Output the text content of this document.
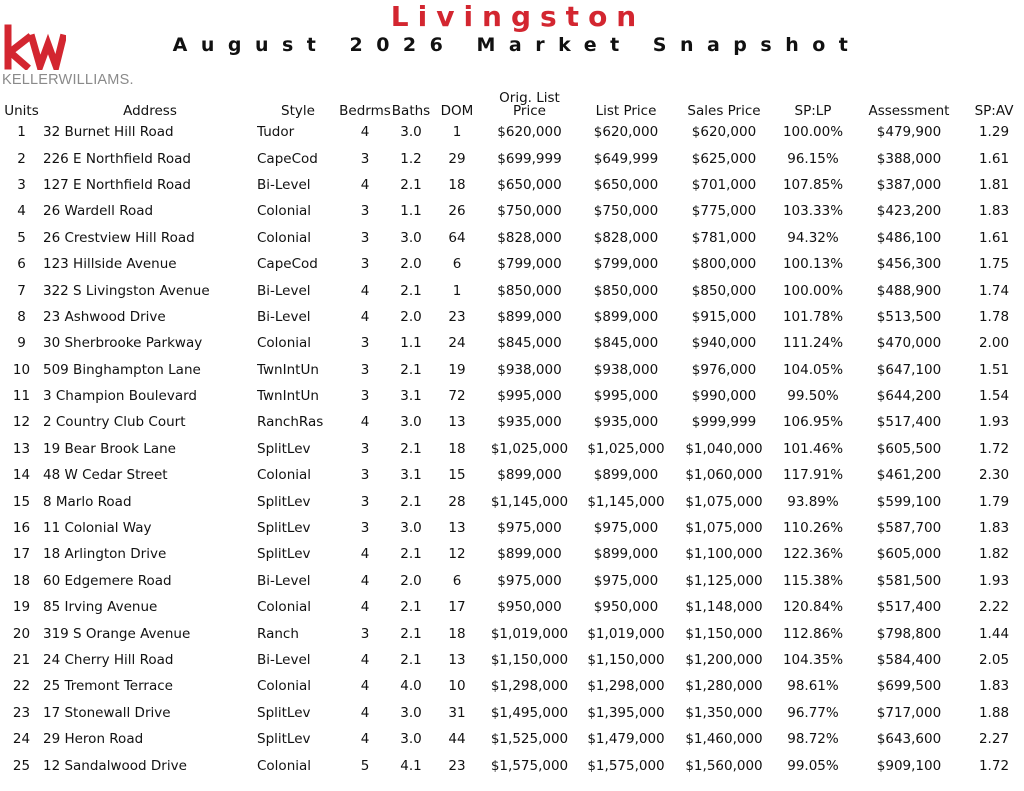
KELLERWILLIAMS.
Livingston
August 2026 Market Snapshot
Units	Address	Style	Bedrms	Baths	DOM	Orig. List Price	List Price	Sales Price	SP:LP	Assessment	SP:AV
1	32 Burnet Hill Road	Tudor	4	3.0	1	$620,000	$620,000	$620,000	100.00%	$479,900	1.29
2	226 E Northfield Road	CapeCod	3	1.2	29	$699,999	$649,999	$625,000	96.15%	$388,000	1.61
3	127 E Northfield Road	Bi-Level	4	2.1	18	$650,000	$650,000	$701,000	107.85%	$387,000	1.81
4	26 Wardell Road	Colonial	3	1.1	26	$750,000	$750,000	$775,000	103.33%	$423,200	1.83
5	26 Crestview Hill Road	Colonial	3	3.0	64	$828,000	$828,000	$781,000	94.32%	$486,100	1.61
6	123 Hillside Avenue	CapeCod	3	2.0	6	$799,000	$799,000	$800,000	100.13%	$456,300	1.75
7	322 S Livingston Avenue	Bi-Level	4	2.1	1	$850,000	$850,000	$850,000	100.00%	$488,900	1.74
8	23 Ashwood Drive	Bi-Level	4	2.0	23	$899,000	$899,000	$915,000	101.78%	$513,500	1.78
9	30 Sherbrooke Parkway	Colonial	3	1.1	24	$845,000	$845,000	$940,000	111.24%	$470,000	2.00
10	509 Binghampton Lane	TwnIntUn	3	2.1	19	$938,000	$938,000	$976,000	104.05%	$647,100	1.51
11	3 Champion Boulevard	TwnIntUn	3	3.1	72	$995,000	$995,000	$990,000	99.50%	$644,200	1.54
12	2 Country Club Court	RanchRas	4	3.0	13	$935,000	$935,000	$999,999	106.95%	$517,400	1.93
13	19 Bear Brook Lane	SplitLev	3	2.1	18	$1,025,000	$1,025,000	$1,040,000	101.46%	$605,500	1.72
14	48 W Cedar Street	Colonial	3	3.1	15	$899,000	$899,000	$1,060,000	117.91%	$461,200	2.30
15	8 Marlo Road	SplitLev	3	2.1	28	$1,145,000	$1,145,000	$1,075,000	93.89%	$599,100	1.79
16	11 Colonial Way	SplitLev	3	3.0	13	$975,000	$975,000	$1,075,000	110.26%	$587,700	1.83
17	18 Arlington Drive	SplitLev	4	2.1	12	$899,000	$899,000	$1,100,000	122.36%	$605,000	1.82
18	60 Edgemere Road	Bi-Level	4	2.0	6	$975,000	$975,000	$1,125,000	115.38%	$581,500	1.93
19	85 Irving Avenue	Colonial	4	2.1	17	$950,000	$950,000	$1,148,000	120.84%	$517,400	2.22
20	319 S Orange Avenue	Ranch	3	2.1	18	$1,019,000	$1,019,000	$1,150,000	112.86%	$798,800	1.44
21	24 Cherry Hill Road	Bi-Level	4	2.1	13	$1,150,000	$1,150,000	$1,200,000	104.35%	$584,400	2.05
22	25 Tremont Terrace	Colonial	4	4.0	10	$1,298,000	$1,298,000	$1,280,000	98.61%	$699,500	1.83
23	17 Stonewall Drive	SplitLev	4	3.0	31	$1,495,000	$1,395,000	$1,350,000	96.77%	$717,000	1.88
24	29 Heron Road	SplitLev	4	3.0	44	$1,525,000	$1,479,000	$1,460,000	98.72%	$643,600	2.27
25	12 Sandalwood Drive	Colonial	5	4.1	23	$1,575,000	$1,575,000	$1,560,000	99.05%	$909,100	1.72
